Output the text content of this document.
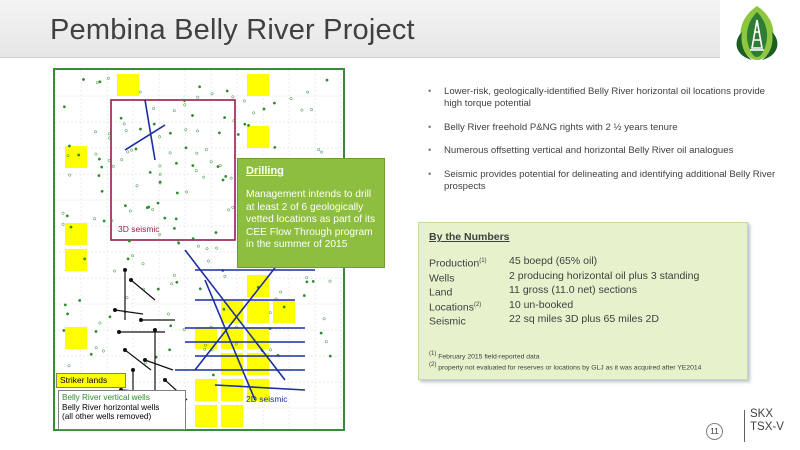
Pembina Belly River Project
3D seismic
2D seismic
Drilling
Management intends to drill at least 2 of 6 geologically vetted locations as part of its CEE Flow Through program in the summer of 2015
Striker lands
Belly River vertical wells
Belly River horizontal wells
(all other wells removed)
• Lower-risk, geologically-identified Belly River horizontal oil locations provide high torque potential
• Belly River freehold P&NG rights with 2 ½ years tenure
• Numerous offsetting vertical and horizontal Belly River oil analogues
• Seismic provides potential for delineating and identifying additional Belly River prospects
By the Numbers
Production$^{(1)}$	45 boepd (65% oil)
Wells	2 producing horizontal oil plus 3 standing
Land	11 gross (11.0 net) sections
Locations$^{(2)}$	10 un-booked
Seismic	22 sq miles 3D plus 65 miles 2D
$^{(1)}$ February 2015 field-reported data
$^{(2)}$ property not evaluated for reserves or locations by GLJ as it was acquired after YE2014
11
SKX
TSX-V
